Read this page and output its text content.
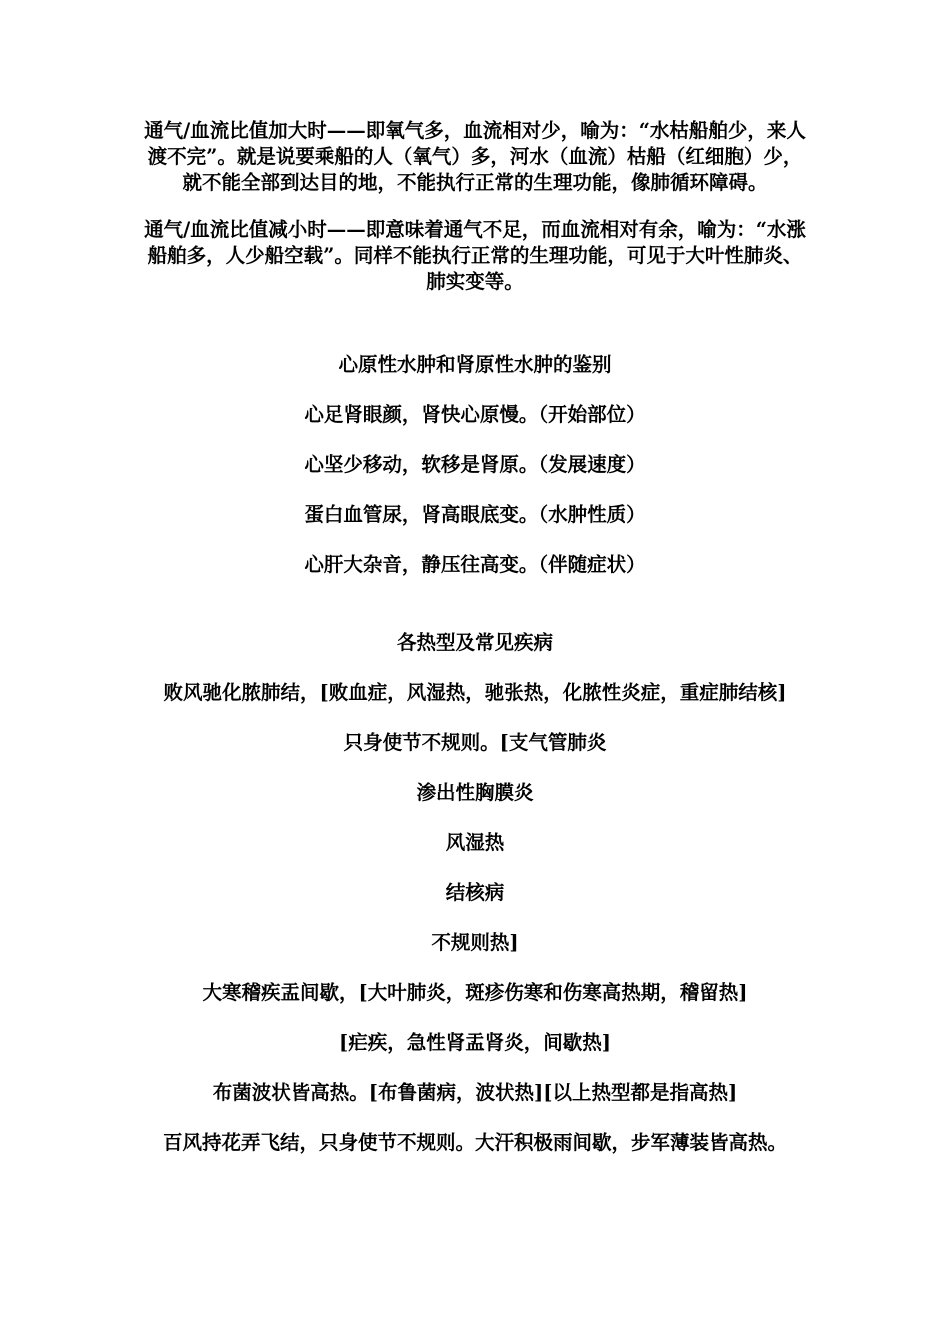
通气/血流比值加大时——即氧气多，血流相对少，喻为：“水枯船舶少，来人渡不完”。就是说要乘船的人（氧气）多，河水（血流）枯船（红细胞）少，就不能全部到达目的地，不能执行正常的生理功能，像肺循环障碍。

通气/血流比值减小时——即意味着通气不足，而血流相对有余，喻为：“水涨船舶多，人少船空载”。同样不能执行正常的生理功能，可见于大叶性肺炎、肺实变等。

心原性水肿和肾原性水肿的鉴别

心足肾眼颜，肾快心原慢。（开始部位）

心坚少移动，软移是肾原。（发展速度）

蛋白血管尿，肾高眼底变。（水肿性质）

心肝大杂音，静压往高变。（伴随症状）

各热型及常见疾病

败风驰化脓肺结，[败血症，风湿热，驰张热，化脓性炎症，重症肺结核]

只身使节不规则。[支气管肺炎

渗出性胸膜炎

风湿热

结核病

不规则热]

大寒稽疾盂间歇，[大叶肺炎，斑疹伤寒和伤寒高热期，稽留热]

[疟疾，急性肾盂肾炎，间歇热]

布菌波状皆高热。[布鲁菌病，波状热][以上热型都是指高热]

百风持花弄飞结，只身使节不规则。大汗积极雨间歇，步军薄装皆高热。
